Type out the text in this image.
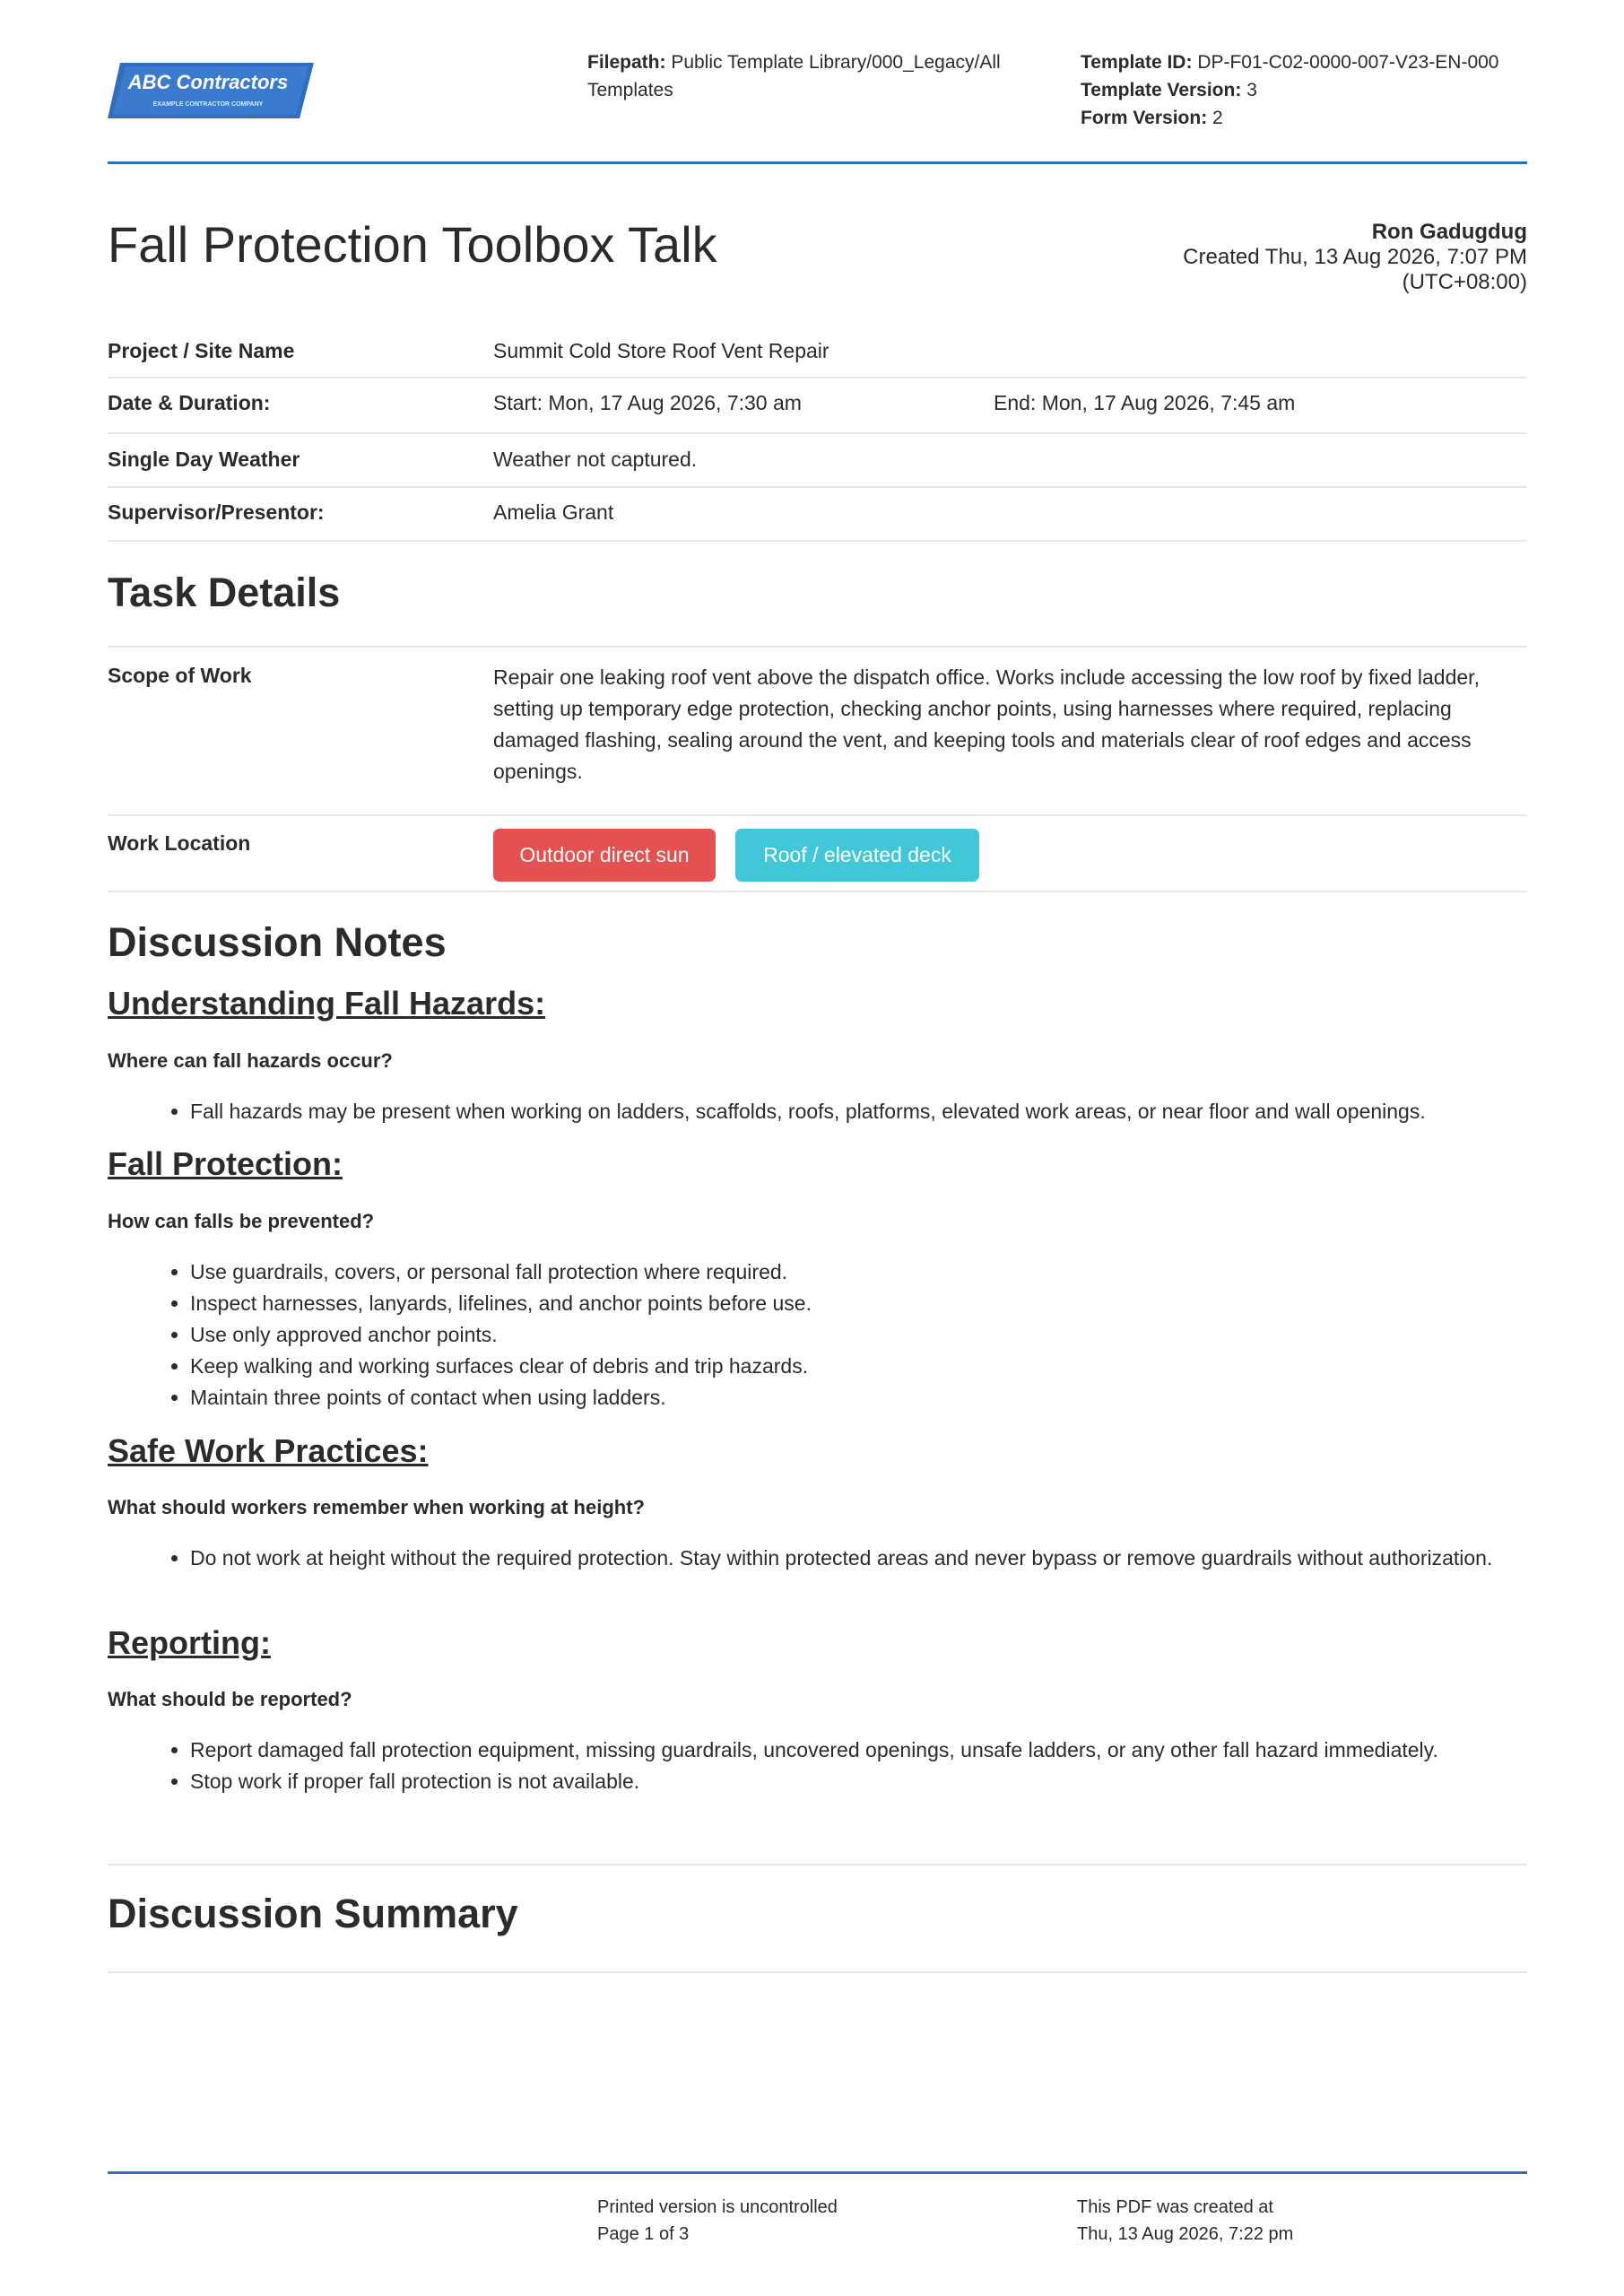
ABC Contractors
EXAMPLE CONTRACTOR COMPANY
Filepath: Public Template Library/000_Legacy/All Templates
Template ID: DP-F01-C02-0000-007-V23-EN-000
Template Version: 3
Form Version: 2
Fall Protection Toolbox Talk	Ron Gadugdug
Created Thu, 13 Aug 2026, 7:07 PM
(UTC+08:00)
Project / Site Name	Summit Cold Store Roof Vent Repair
Date & Duration:	Start: Mon, 17 Aug 2026, 7:30 am	End: Mon, 17 Aug 2026, 7:45 am
Single Day Weather	Weather not captured.
Supervisor/Presentor:	Amelia Grant
Task Details
Scope of Work	Repair one leaking roof vent above the dispatch office. Works include accessing the low roof by fixed ladder, setting up temporary edge protection, checking anchor points, using harnesses where required, replacing damaged flashing, sealing around the vent, and keeping tools and materials clear of roof edges and access openings.
Work Location	Outdoor direct sun	Roof / elevated deck
Discussion Notes
Understanding Fall Hazards:
Where can fall hazards occur?
• Fall hazards may be present when working on ladders, scaffolds, roofs, platforms, elevated work areas, or near floor and wall openings.
Fall Protection:
How can falls be prevented?
• Use guardrails, covers, or personal fall protection where required.
• Inspect harnesses, lanyards, lifelines, and anchor points before use.
• Use only approved anchor points.
• Keep walking and working surfaces clear of debris and trip hazards.
• Maintain three points of contact when using ladders.
Safe Work Practices:
What should workers remember when working at height?
• Do not work at height without the required protection. Stay within protected areas and never bypass or remove guardrails without authorization.
Reporting:
What should be reported?
• Report damaged fall protection equipment, missing guardrails, uncovered openings, unsafe ladders, or any other fall hazard immediately.
• Stop work if proper fall protection is not available.
Discussion Summary
Printed version is uncontrolled
Page 1 of 3
This PDF was created at
Thu, 13 Aug 2026, 7:22 pm
